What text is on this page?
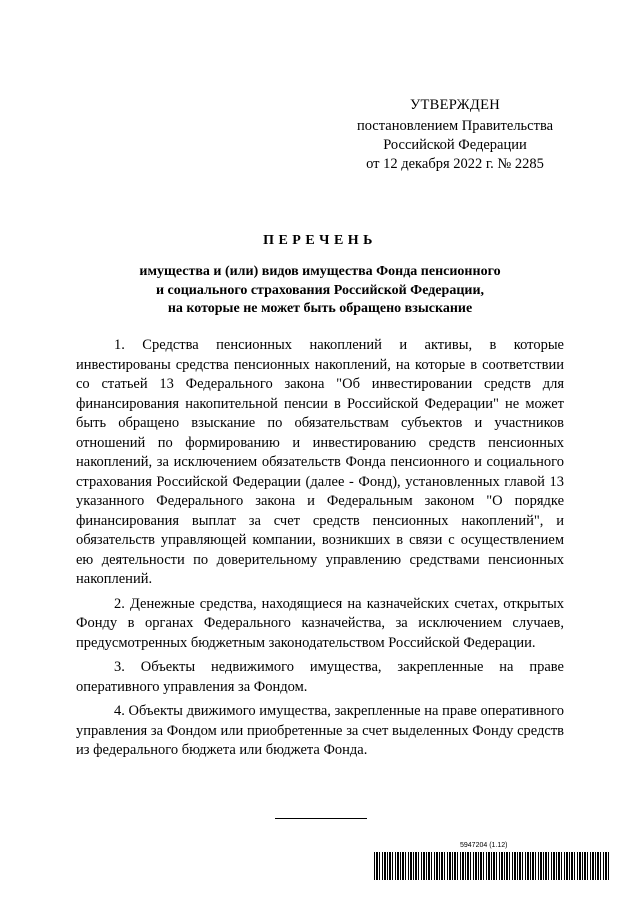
УТВЕРЖДЕН
постановлением Правительства
Российской Федерации
от 12 декабря 2022 г. № 2285
ПЕРЕЧЕНЬ
имущества и (или) видов имущества Фонда пенсионного
и социального страхования Российской Федерации,
на которые не может быть обращено взыскание

1. Средства пенсионных накоплений и активы, в которые инвестированы средства пенсионных накоплений, на которые в соответствии со статьей 13 Федерального закона "Об инвестировании средств для финансирования накопительной пенсии в Российской Федерации" не может быть обращено взыскание по обязательствам субъектов и участников отношений по формированию и инвестированию средств пенсионных накоплений, за исключением обязательств Фонда пенсионного и социального страхования Российской Федерации (далее - Фонд), установленных главой 13 указанного Федерального закона и Федеральным законом "О порядке финансирования выплат за счет средств пенсионных накоплений", и обязательств управляющей компании, возникших в связи с осуществлением ею деятельности по доверительному управлению средствами пенсионных накоплений.

2. Денежные средства, находящиеся на казначейских счетах, открытых Фонду в органах Федерального казначейства, за исключением случаев, предусмотренных бюджетным законодательством Российской Федерации.

3. Объекты недвижимого имущества, закрепленные на праве оперативного управления за Фондом.

4. Объекты движимого имущества, закрепленные на праве оперативного управления за Фондом или приобретенные за счет выделенных Фонду средств из федерального бюджета или бюджета Фонда.

5947204 (1.12)
